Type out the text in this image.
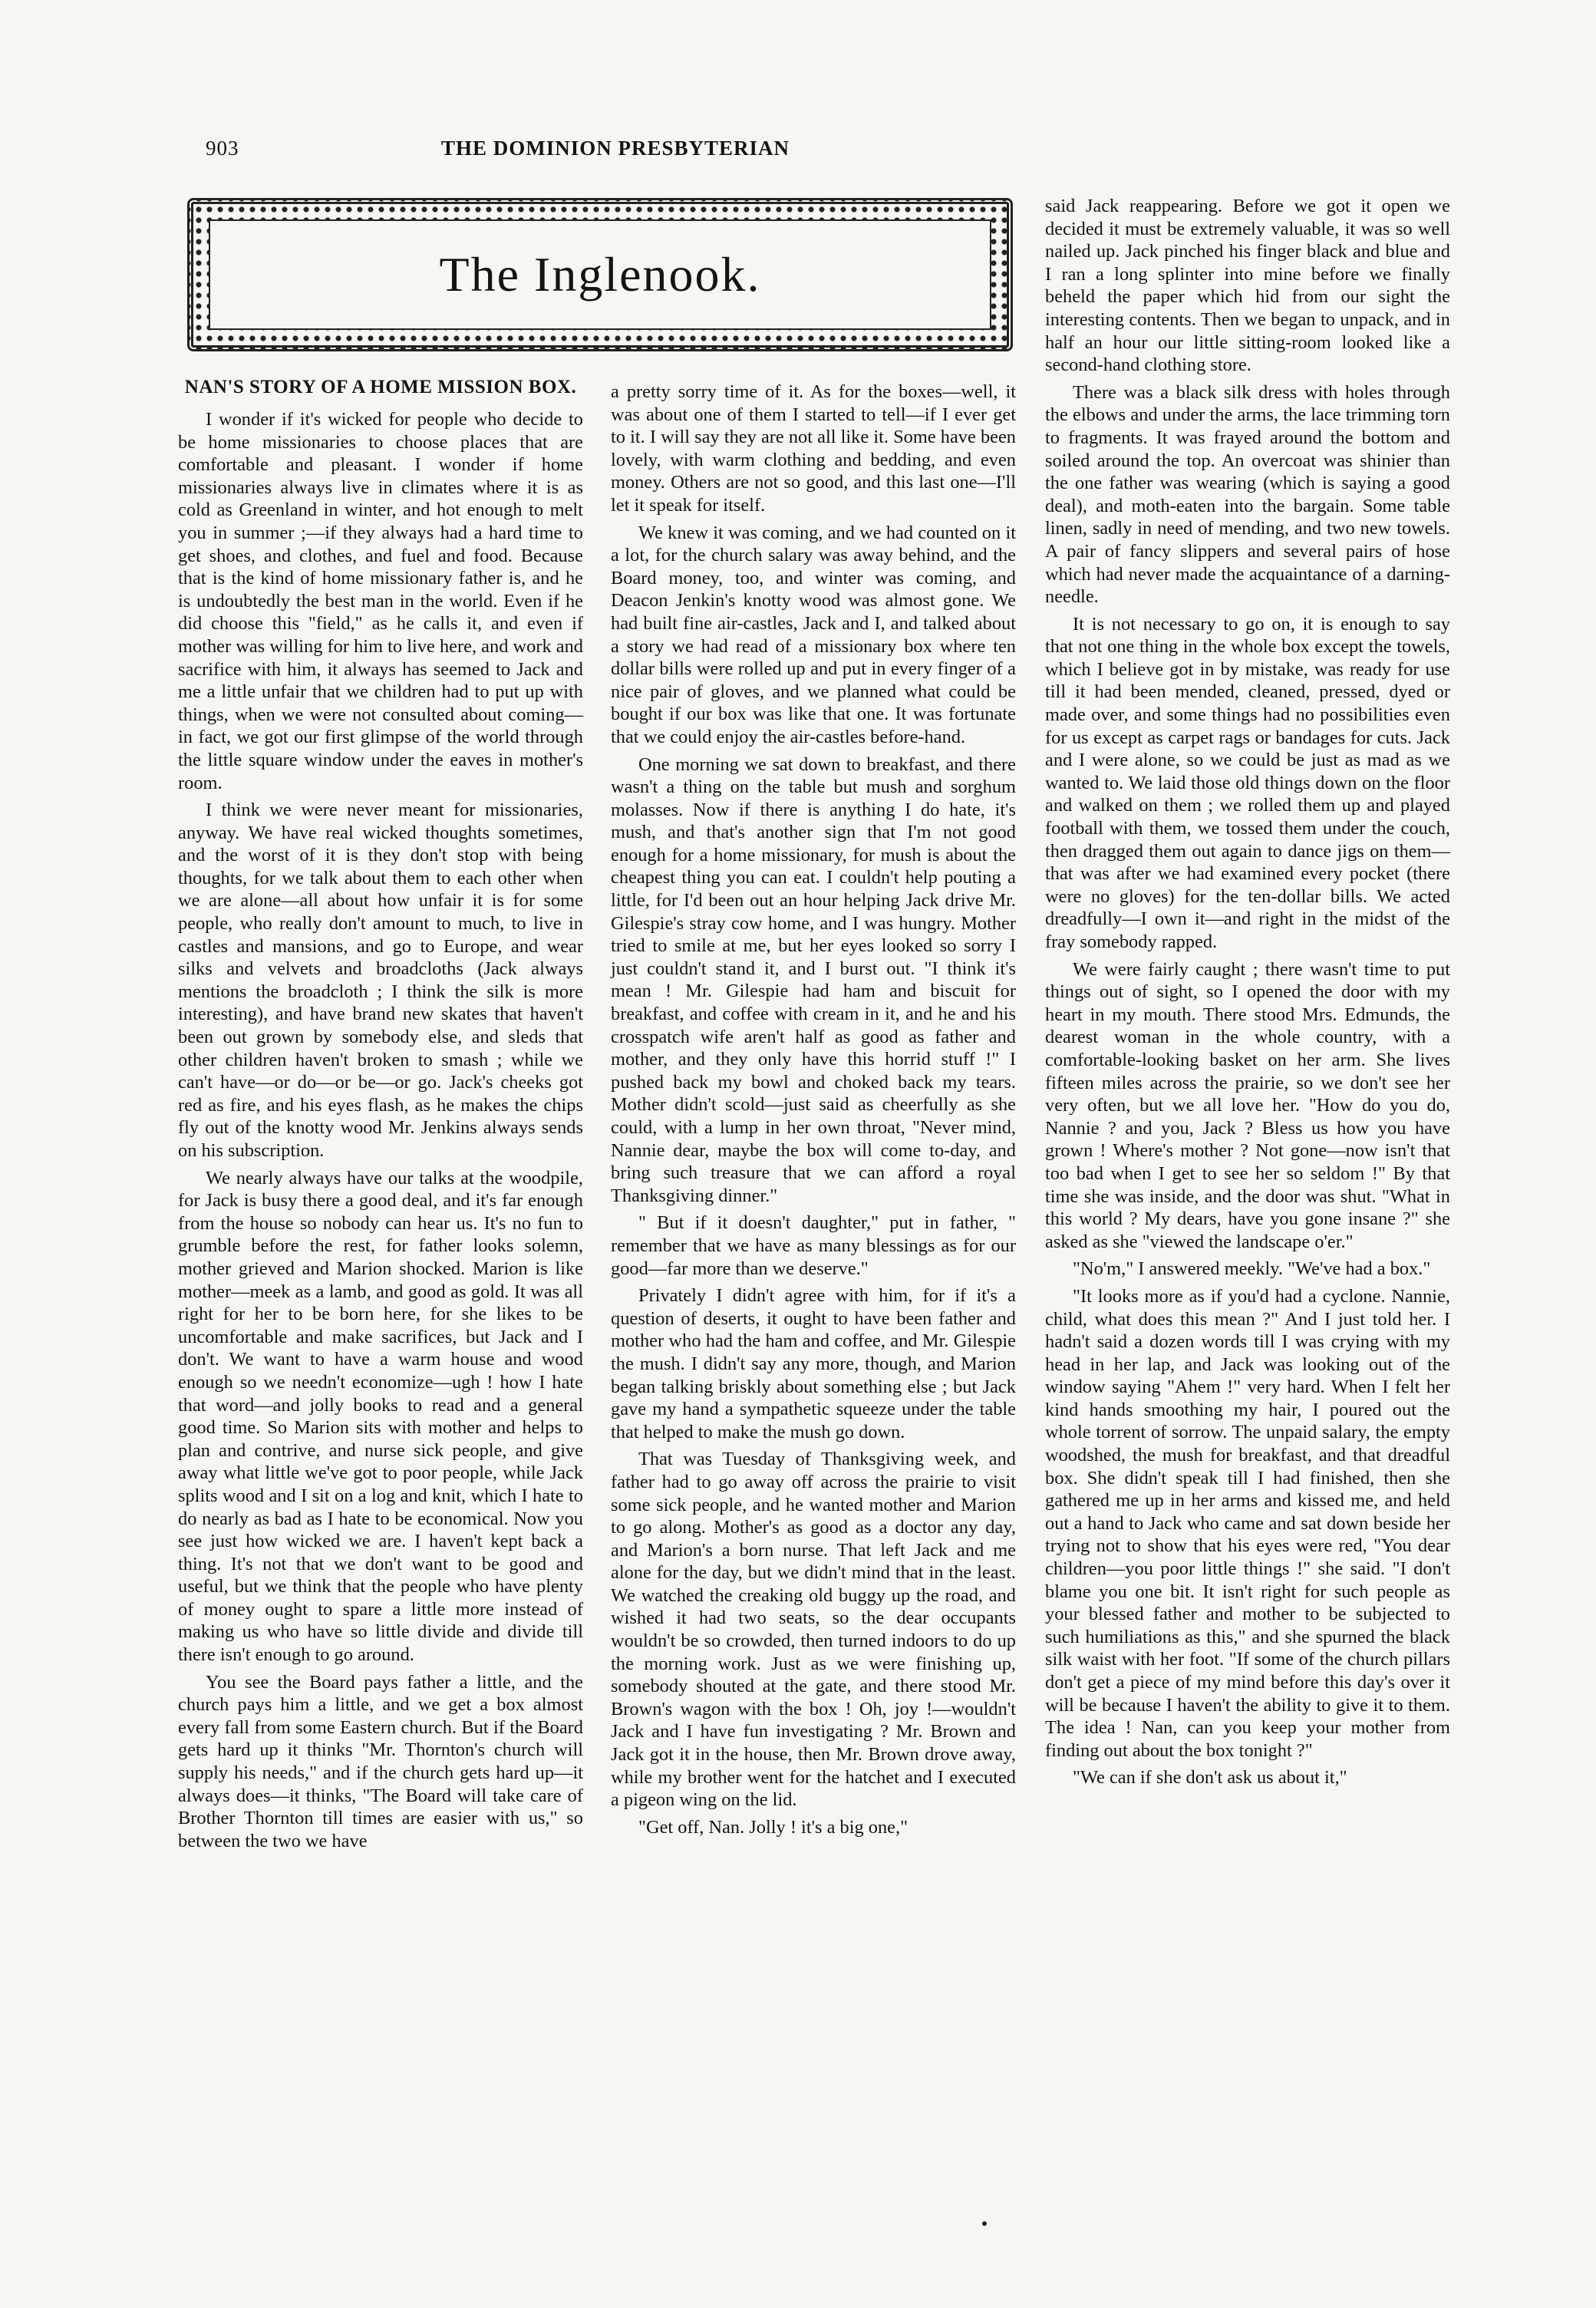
903	THE DOMINION PRESBYTERIAN
The Inglenook.
NAN'S STORY OF A HOME MISSION BOX.

I wonder if it's wicked for people who decide to be home missionaries to choose places that are comfortable and pleasant. I wonder if home missionaries always live in climates where it is as cold as Greenland in winter, and hot enough to melt you in summer ;—if they always had a hard time to get shoes, and clothes, and fuel and food. Because that is the kind of home missionary father is, and he is undoubtedly the best man in the world. Even if he did choose this "field," as he calls it, and even if mother was willing for him to live here, and work and sacrifice with him, it always has seemed to Jack and me a little unfair that we children had to put up with things, when we were not consulted about coming—in fact, we got our first glimpse of the world through the little square window under the eaves in mother's room.

I think we were never meant for missionaries, anyway. We have real wicked thoughts sometimes, and the worst of it is they don't stop with being thoughts, for we talk about them to each other when we are alone—all about how unfair it is for some people, who really don't amount to much, to live in castles and mansions, and go to Europe, and wear silks and velvets and broadcloths (Jack always mentions the broadcloth ; I think the silk is more interesting), and have brand new skates that haven't been out grown by somebody else, and sleds that other children haven't broken to smash ; while we can't have—or do—or be—or go. Jack's cheeks got red as fire, and his eyes flash, as he makes the chips fly out of the knotty wood Mr. Jenkins always sends on his subscription.

We nearly always have our talks at the woodpile, for Jack is busy there a good deal, and it's far enough from the house so nobody can hear us. It's no fun to grumble before the rest, for father looks solemn, mother grieved and Marion shocked. Marion is like mother—meek as a lamb, and good as gold. It was all right for her to be born here, for she likes to be uncomfortable and make sacrifices, but Jack and I don't. We want to have a warm house and wood enough so we needn't economize—ugh ! how I hate that word—and jolly books to read and a general good time. So Marion sits with mother and helps to plan and contrive, and nurse sick people, and give away what little we've got to poor people, while Jack splits wood and I sit on a log and knit, which I hate to do nearly as bad as I hate to be economical. Now you see just how wicked we are. I haven't kept back a thing. It's not that we don't want to be good and useful, but we think that the people who have plenty of money ought to spare a little more instead of making us who have so little divide and divide till there isn't enough to go around.

You see the Board pays father a little, and the church pays him a little, and we get a box almost every fall from some Eastern church. But if the Board gets hard up it thinks "Mr. Thornton's church will supply his needs," and if the church gets hard up—it always does—it thinks, "The Board will take care of Brother Thornton till times are easier with us," so between the two we have

a pretty sorry time of it. As for the boxes—well, it was about one of them I started to tell—if I ever get to it. I will say they are not all like it. Some have been lovely, with warm clothing and bedding, and even money. Others are not so good, and this last one—I'll let it speak for itself.

We knew it was coming, and we had counted on it a lot, for the church salary was away behind, and the Board money, too, and winter was coming, and Deacon Jenkin's knotty wood was almost gone. We had built fine air-castles, Jack and I, and talked about a story we had read of a missionary box where ten dollar bills were rolled up and put in every finger of a nice pair of gloves, and we planned what could be bought if our box was like that one. It was fortunate that we could enjoy the air-castles before-hand.

One morning we sat down to breakfast, and there wasn't a thing on the table but mush and sorghum molasses. Now if there is anything I do hate, it's mush, and that's another sign that I'm not good enough for a home missionary, for mush is about the cheapest thing you can eat. I couldn't help pouting a little, for I'd been out an hour helping Jack drive Mr. Gilespie's stray cow home, and I was hungry. Mother tried to smile at me, but her eyes looked so sorry I just couldn't stand it, and I burst out. "I think it's mean ! Mr. Gilespie had ham and biscuit for breakfast, and coffee with cream in it, and he and his crosspatch wife aren't half as good as father and mother, and they only have this horrid stuff !" I pushed back my bowl and choked back my tears. Mother didn't scold—just said as cheerfully as she could, with a lump in her own throat, "Never mind, Nannie dear, maybe the box will come to-day, and bring such treasure that we can afford a royal Thanksgiving dinner."

" But if it doesn't daughter," put in father, " remember that we have as many blessings as for our good—far more than we deserve."

Privately I didn't agree with him, for if it's a question of deserts, it ought to have been father and mother who had the ham and coffee, and Mr. Gilespie the mush. I didn't say any more, though, and Marion began talking briskly about something else ; but Jack gave my hand a sympathetic squeeze under the table that helped to make the mush go down.

That was Tuesday of Thanksgiving week, and father had to go away off across the prairie to visit some sick people, and he wanted mother and Marion to go along. Mother's as good as a doctor any day, and Marion's a born nurse. That left Jack and me alone for the day, but we didn't mind that in the least. We watched the creaking old buggy up the road, and wished it had two seats, so the dear occupants wouldn't be so crowded, then turned indoors to do up the morning work. Just as we were finishing up, somebody shouted at the gate, and there stood Mr. Brown's wagon with the box ! Oh, joy !—wouldn't Jack and I have fun investigating ? Mr. Brown and Jack got it in the house, then Mr. Brown drove away, while my brother went for the hatchet and I executed a pigeon wing on the lid.

"Get off, Nan. Jolly ! it's a big one,"

said Jack reappearing. Before we got it open we decided it must be extremely valuable, it was so well nailed up. Jack pinched his finger black and blue and I ran a long splinter into mine before we finally beheld the paper which hid from our sight the interesting contents. Then we began to unpack, and in half an hour our little sitting-room looked like a second-hand clothing store.

There was a black silk dress with holes through the elbows and under the arms, the lace trimming torn to fragments. It was frayed around the bottom and soiled around the top. An overcoat was shinier than the one father was wearing (which is saying a good deal), and moth-eaten into the bargain. Some table linen, sadly in need of mending, and two new towels. A pair of fancy slippers and several pairs of hose which had never made the acquaintance of a darning-needle.

It is not necessary to go on, it is enough to say that not one thing in the whole box except the towels, which I believe got in by mistake, was ready for use till it had been mended, cleaned, pressed, dyed or made over, and some things had no possibilities even for us except as carpet rags or bandages for cuts. Jack and I were alone, so we could be just as mad as we wanted to. We laid those old things down on the floor and walked on them ; we rolled them up and played football with them, we tossed them under the couch, then dragged them out again to dance jigs on them—that was after we had examined every pocket (there were no gloves) for the ten-dollar bills. We acted dreadfully—I own it—and right in the midst of the fray somebody rapped.

We were fairly caught ; there wasn't time to put things out of sight, so I opened the door with my heart in my mouth. There stood Mrs. Edmunds, the dearest woman in the whole country, with a comfortable-looking basket on her arm. She lives fifteen miles across the prairie, so we don't see her very often, but we all love her. "How do you do, Nannie ? and you, Jack ? Bless us how you have grown ! Where's mother ? Not gone—now isn't that too bad when I get to see her so seldom !" By that time she was inside, and the door was shut. "What in this world ? My dears, have you gone insane ?" she asked as she "viewed the landscape o'er."

"No'm," I answered meekly. "We've had a box."

"It looks more as if you'd had a cyclone. Nannie, child, what does this mean ?" And I just told her. I hadn't said a dozen words till I was crying with my head in her lap, and Jack was looking out of the window saying "Ahem !" very hard. When I felt her kind hands smoothing my hair, I poured out the whole torrent of sorrow. The unpaid salary, the empty woodshed, the mush for breakfast, and that dreadful box. She didn't speak till I had finished, then she gathered me up in her arms and kissed me, and held out a hand to Jack who came and sat down beside her trying not to show that his eyes were red, "You dear children—you poor little things !" she said. "I don't blame you one bit. It isn't right for such people as your blessed father and mother to be subjected to such humiliations as this," and she spurned the black silk waist with her foot. "If some of the church pillars don't get a piece of my mind before this day's over it will be because I haven't the ability to give it to them. The idea ! Nan, can you keep your mother from finding out about the box tonight ?"

"We can if she don't ask us about it,"
